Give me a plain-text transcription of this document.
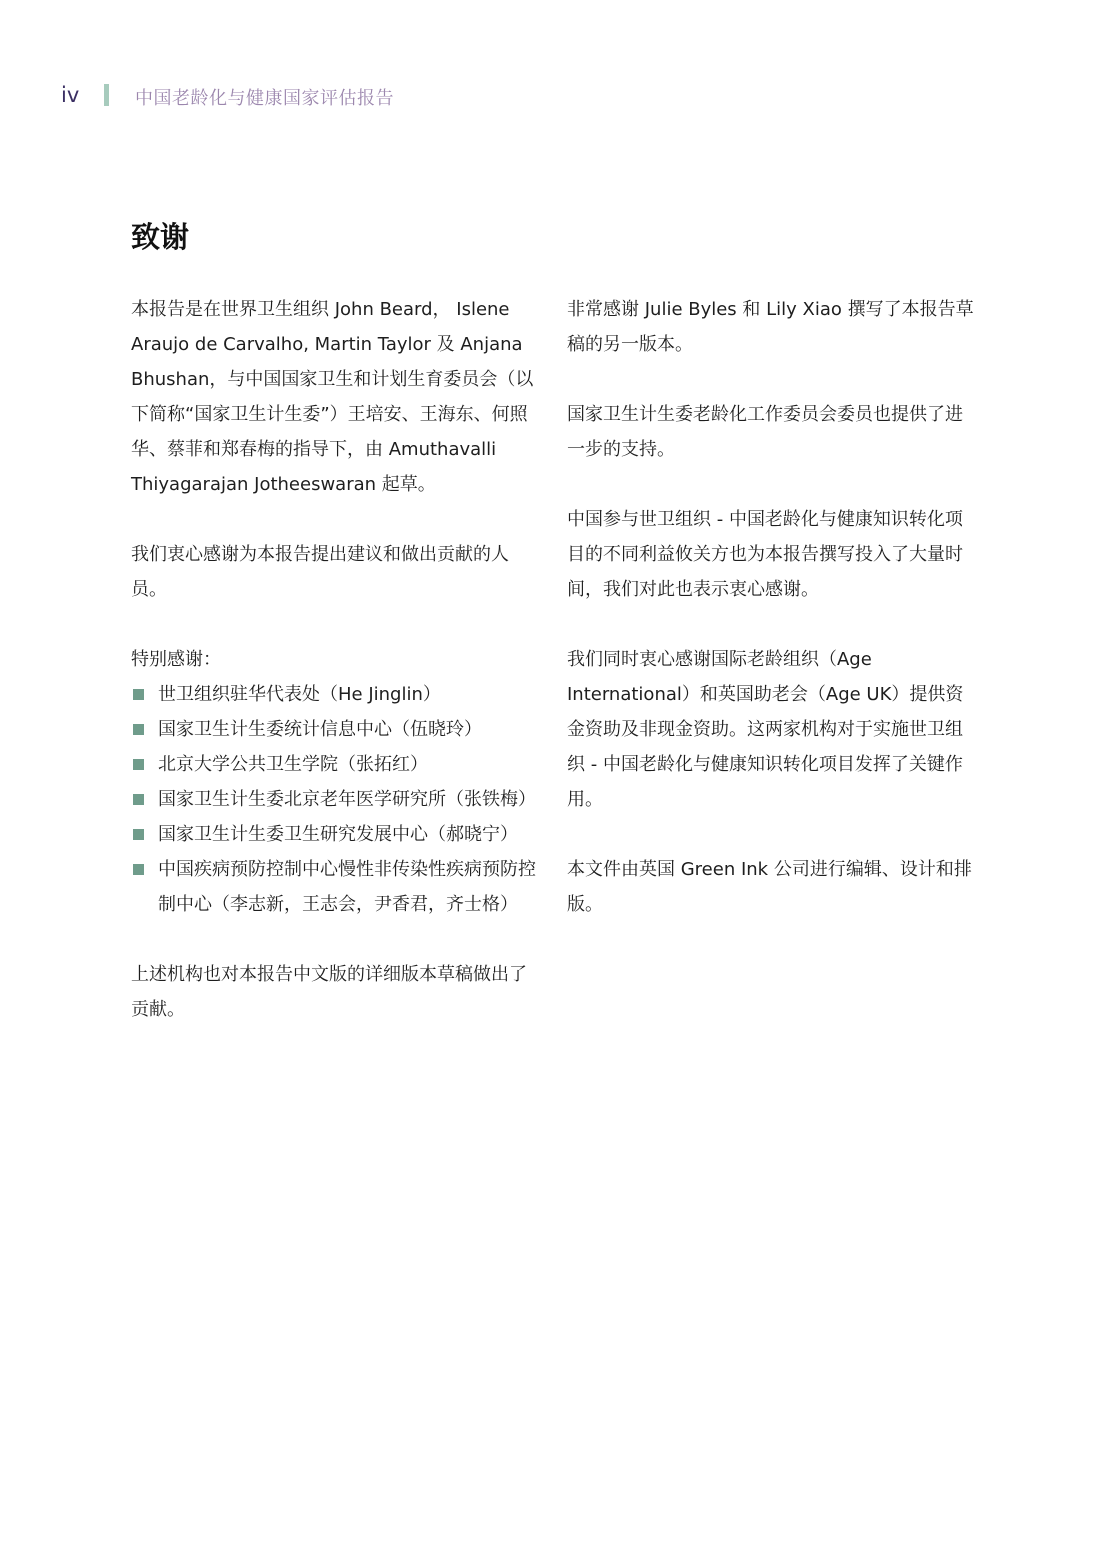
iv	中国老龄化与健康国家评估报告
致谢

本报告是在世界卫生组织 John Beard， Islene Araujo de Carvalho, Martin Taylor 及 Anjana Bhushan，与中国国家卫生和计划生育委员会（以下简称“国家卫生计生委”）王培安、王海东、何照华、蔡菲和郑春梅的指导下，由 Amuthavalli Thiyagarajan Jotheeswaran 起草。

我们衷心感谢为本报告提出建议和做出贡献的人员。

特别感谢：

世卫组织驻华代表处（He Jinglin）
国家卫生计生委统计信息中心（伍晓玲）
北京大学公共卫生学院（张拓红）
国家卫生计生委北京老年医学研究所（张铁梅）
国家卫生计生委卫生研究发展中心（郝晓宁）
中国疾病预防控制中心慢性非传染性疾病预防控制中心（李志新，王志会，尹香君，齐士格）

上述机构也对本报告中文版的详细版本草稿做出了贡献。

非常感谢 Julie Byles 和 Lily Xiao 撰写了本报告草稿的另一版本。

国家卫生计生委老龄化工作委员会委员也提供了进一步的支持。

中国参与世卫组织 - 中国老龄化与健康知识转化项目的不同利益攸关方也为本报告撰写投入了大量时间，我们对此也表示衷心感谢。

我们同时衷心感谢国际老龄组织（Age International）和英国助老会（Age UK）提供资金资助及非现金资助。这两家机构对于实施世卫组织 - 中国老龄化与健康知识转化项目发挥了关键作用。

本文件由英国 Green Ink 公司进行编辑、设计和排版。
